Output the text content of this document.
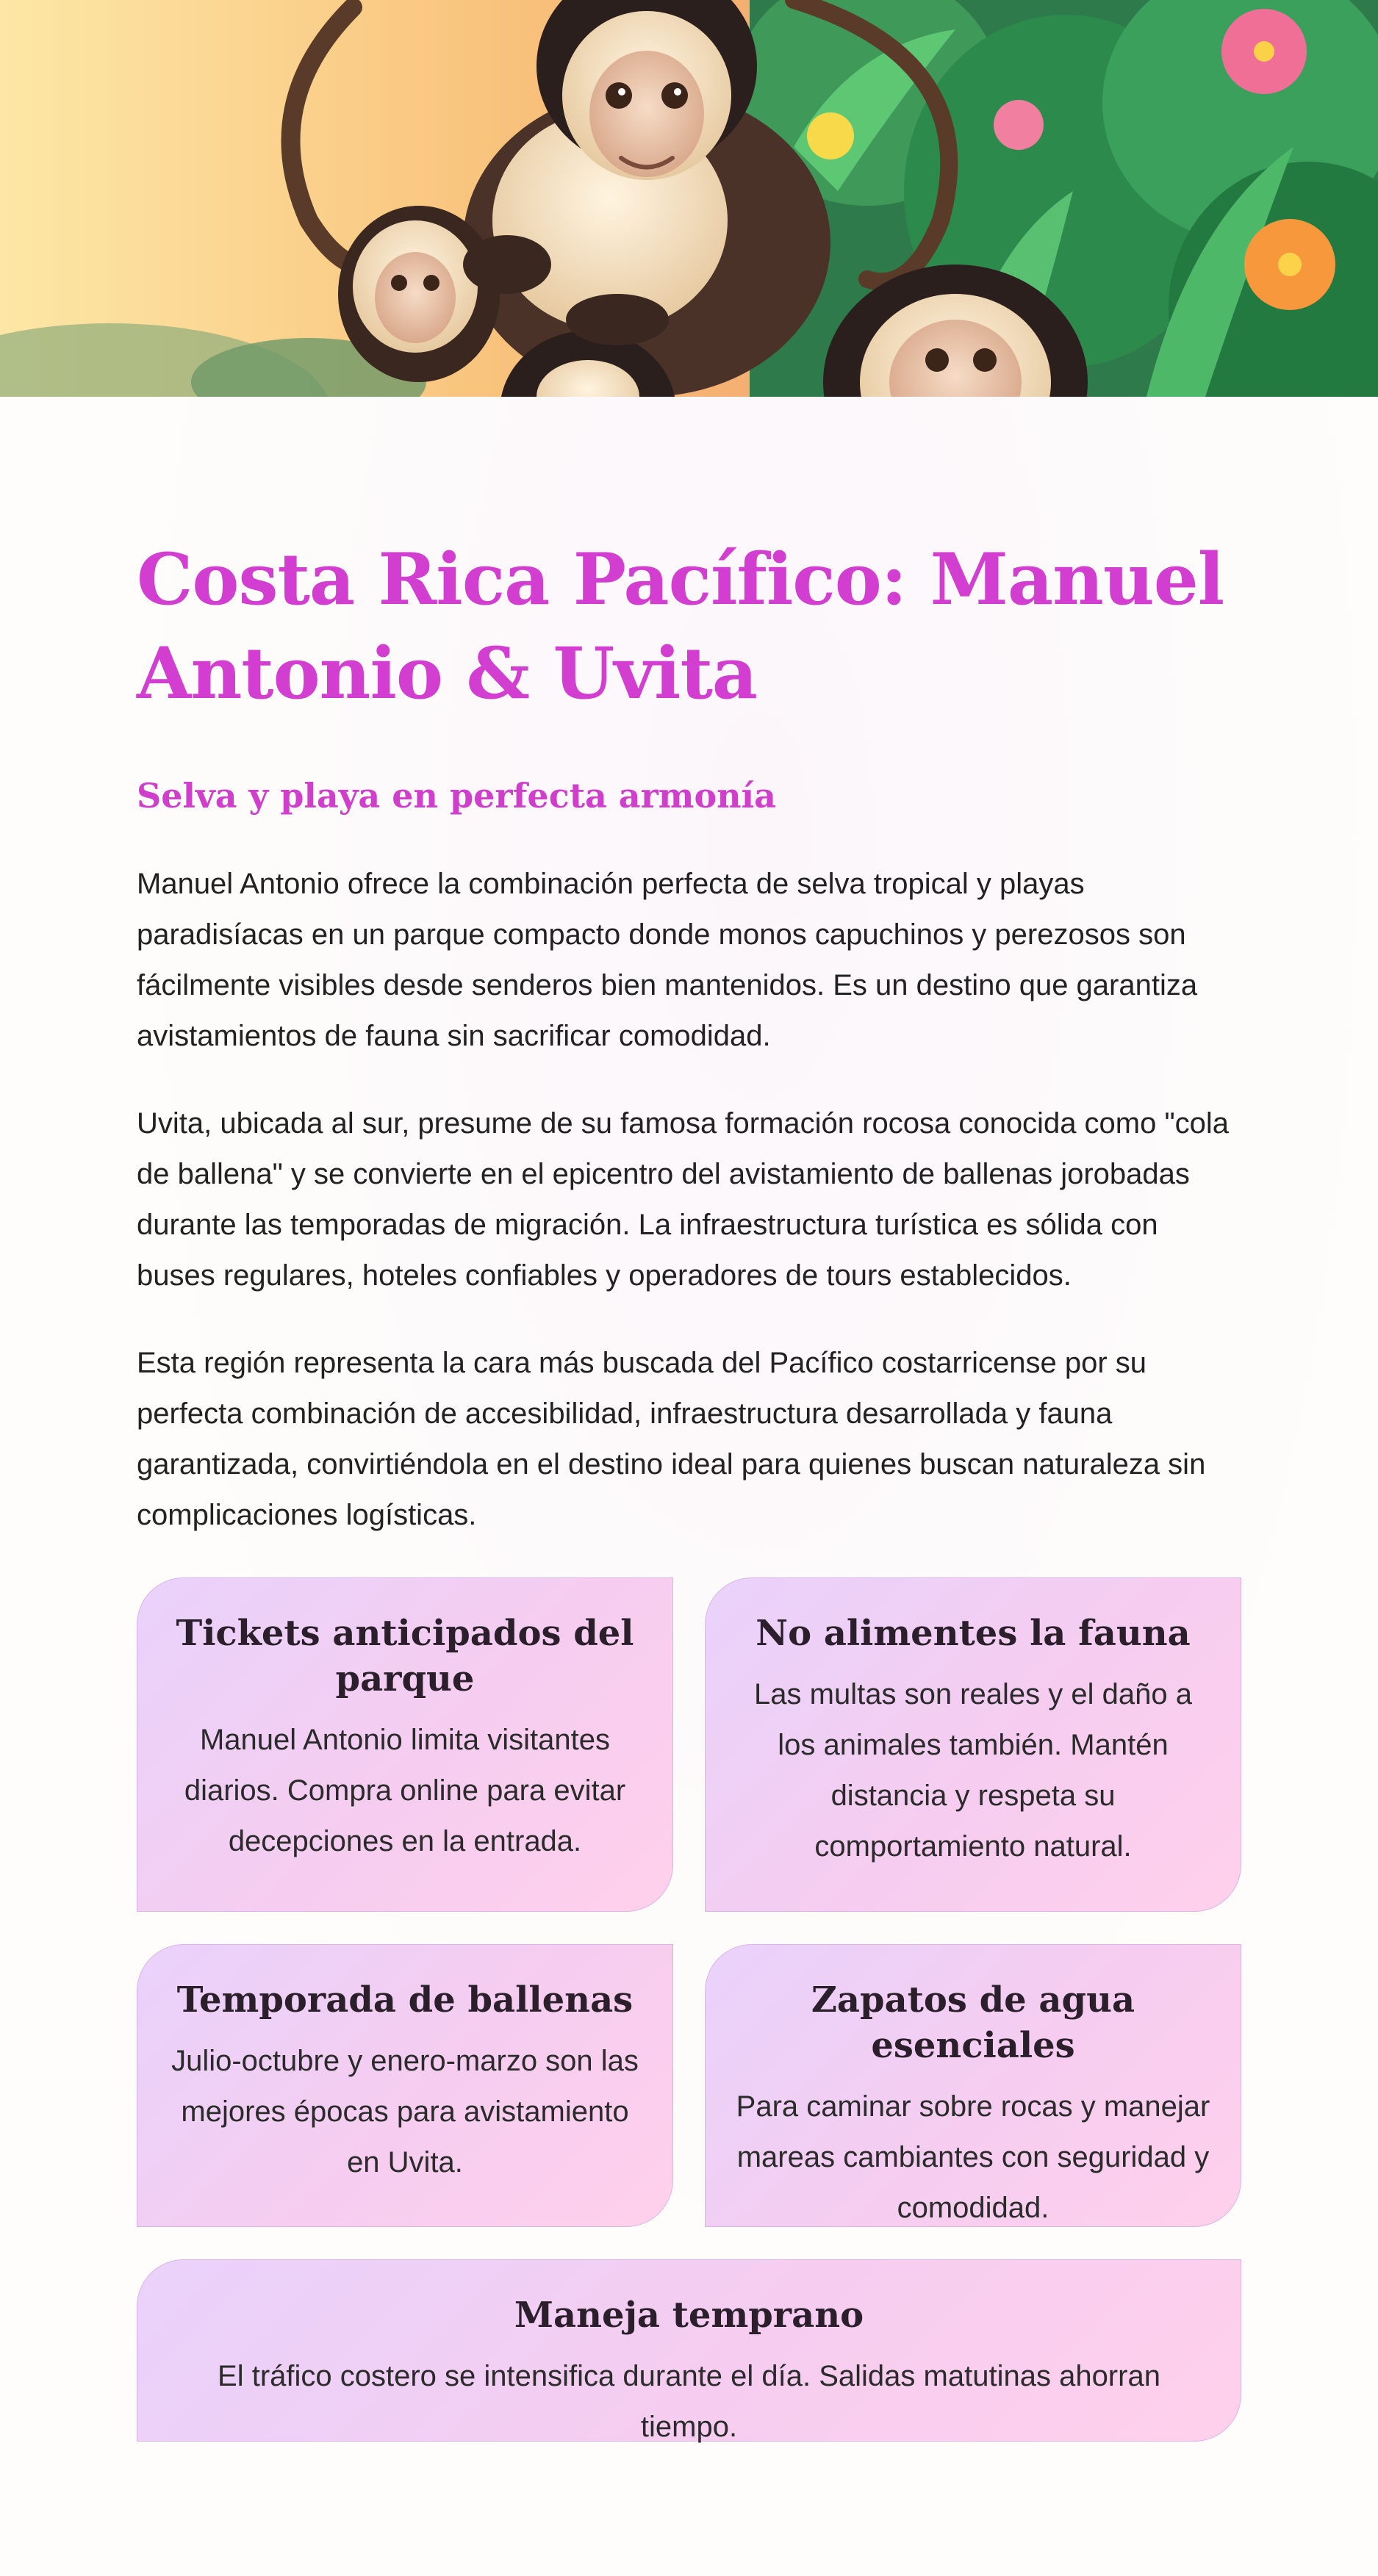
Costa Rica Pacífico: Manuel Antonio & Uvita
Selva y playa en perfecta armonía

Manuel Antonio ofrece la combinación perfecta de selva tropical y playas paradisíacas en un parque compacto donde monos capuchinos y perezosos son fácilmente visibles desde senderos bien mantenidos. Es un destino que garantiza avistamientos de fauna sin sacrificar comodidad.

Uvita, ubicada al sur, presume de su famosa formación rocosa conocida como "cola de ballena" y se convierte en el epicentro del avistamiento de ballenas jorobadas durante las temporadas de migración. La infraestructura turística es sólida con buses regulares, hoteles confiables y operadores de tours establecidos.

Esta región representa la cara más buscada del Pacífico costarricense por su perfecta combinación de accesibilidad, infraestructura desarrollada y fauna garantizada, convirtiéndola en el destino ideal para quienes buscan naturaleza sin complicaciones logísticas.

Tickets anticipados del parque

Manuel Antonio limita visitantes diarios. Compra online para evitar decepciones en la entrada.

No alimentes la fauna

Las multas son reales y el daño a los animales también. Mantén distancia y respeta su comportamiento natural.

Temporada de ballenas

Julio-octubre y enero-marzo son las mejores épocas para avistamiento en Uvita.

Zapatos de agua esenciales

Para caminar sobre rocas y manejar mareas cambiantes con seguridad y comodidad.

Maneja temprano

El tráfico costero se intensifica durante el día. Salidas matutinas ahorran tiempo.
